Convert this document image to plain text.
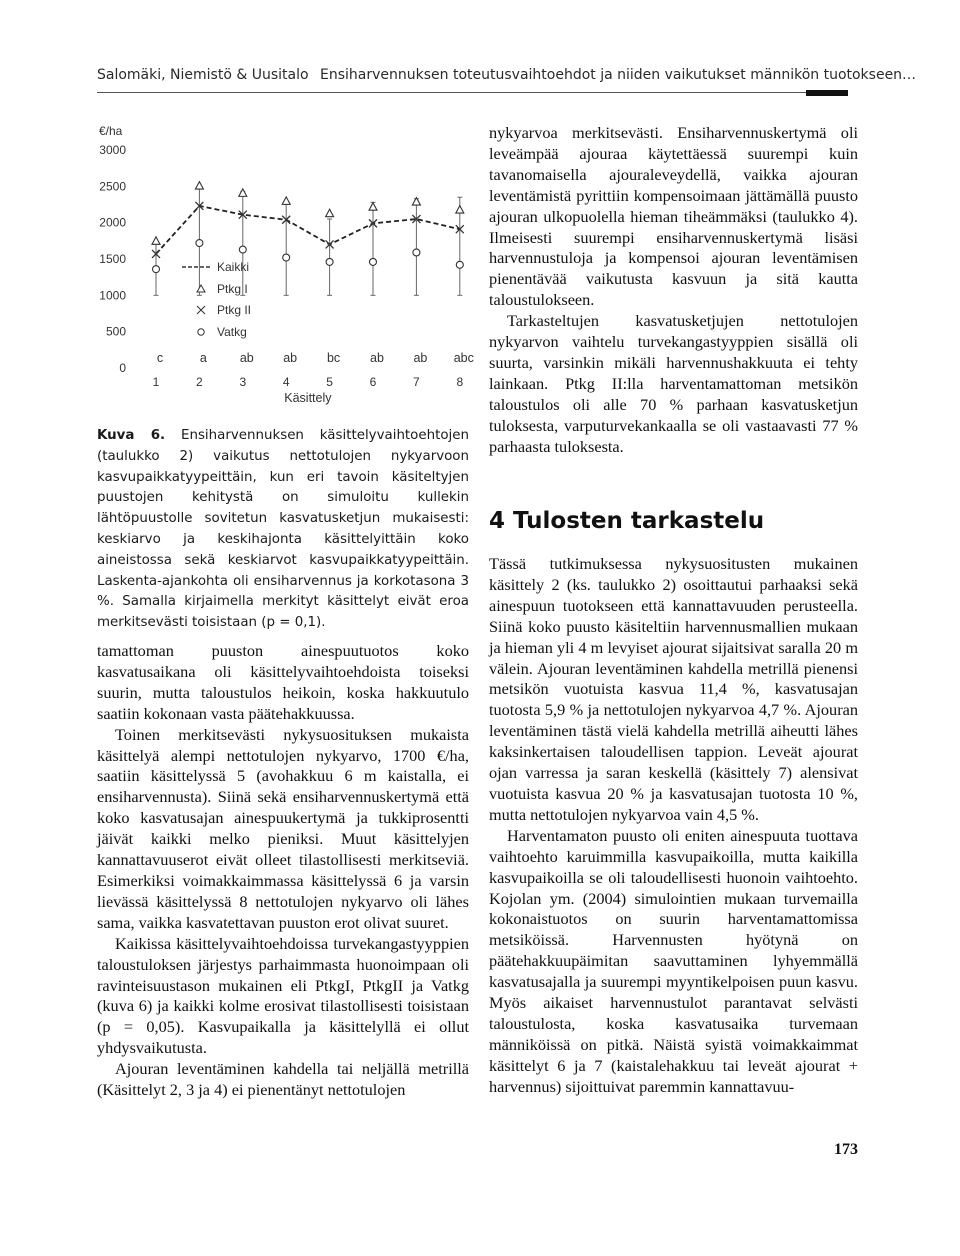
Salomäki, Niemistö & Uusitalo Ensiharvennuksen toteutusvaihtoehdot ja niiden vaikutukset männikön tuotokseen…
€/ha
0
500
1000
1500
2000
2500
3000
c	a	ab ab bc ab ab abc
1	2	3	4	5	6	7	8
Käsittely
Kaikki
Ptkg I
Ptkg II
Vatkg
Kuva 6. Ensiharvennuksen käsittelyvaihtoehtojen (taulukko 2) vaikutus nettotulojen nykyarvoon kasvupaikkatyypeittäin, kun eri tavoin käsiteltyjen puustojen kehitystä on simuloitu kullekin lähtöpuustolle sovitetun kasvatusketjun mukaisesti: keskiarvo ja keskihajonta käsittelyittäin koko aineistossa sekä keskiarvot kasvupaikkatyypeittäin. Laskenta-ajankohta oli ensiharvennus ja korkotasona 3 %. Samalla kirjaimella merkityt käsittelyt eivät eroa merkitsevästi toisistaan (p = 0,1).

tamattoman puuston ainespuutuotos koko kasvatusaikana oli käsittelyvaihtoehdoista toiseksi suurin, mutta taloustulos heikoin, koska hakkuutulo saatiin kokonaan vasta päätehakkuussa.

Toinen merkitsevästi nykysuosituksen mukaista käsittelyä alempi nettotulojen nykyarvo, 1700 €/ha, saatiin käsittelyssä 5 (avohakkuu 6 m kaistalla, ei ensiharvennusta). Siinä sekä ensiharvennuskertymä että koko kasvatusajan ainespuukertymä ja tukkiprosentti jäivät kaikki melko pieniksi. Muut käsittelyjen kannattavuuserot eivät olleet tilastollisesti merkitseviä. Esimerkiksi voimakkaimmassa käsittelyssä 6 ja varsin lievässä käsittelyssä 8 nettotulojen nykyarvo oli lähes sama, vaikka kasvatettavan puuston erot olivat suuret.

Kaikissa käsittelyvaihtoehdoissa turvekangastyyppien taloustuloksen järjestys parhaimmasta huonoimpaan oli ravinteisuustason mukainen eli PtkgI, PtkgII ja Vatkg (kuva 6) ja kaikki kolme erosivat tilastollisesti toisistaan (p = 0,05). Kasvupaikalla ja käsittelyllä ei ollut yhdysvaikutusta.

Ajouran leventäminen kahdella tai neljällä metrillä (Käsittelyt 2, 3 ja 4) ei pienentänyt nettotulojen

nykyarvoa merkitsevästi. Ensiharvennuskertymä oli leveämpää ajouraa käytettäessä suurempi kuin tavanomaisella ajouraleveydellä, vaikka ajouran leventämistä pyrittiin kompensoimaan jättämällä puusto ajouran ulkopuolella hieman tiheämmäksi (taulukko 4). Ilmeisesti suurempi ensiharvennuskertymä lisäsi harvennustuloja ja kompensoi ajouran leventämisen pienentävää vaikutusta kasvuun ja sitä kautta taloustulokseen.

Tarkasteltujen kasvatusketjujen nettotulojen nykyarvon vaihtelu turvekangastyyppien sisällä oli suurta, varsinkin mikäli harvennushakkuuta ei tehty lainkaan. Ptkg II:lla harventamattoman metsikön taloustulos oli alle 70 % parhaan kasvatusketjun tuloksesta, varputurvekankaalla se oli vastaavasti 77 % parhaasta tuloksesta.

4 Tulosten tarkastelu

Tässä tutkimuksessa nykysuositusten mukainen käsittely 2 (ks. taulukko 2) osoittautui parhaaksi sekä ainespuun tuotokseen että kannattavuuden perusteella. Siinä koko puusto käsiteltiin harvennusmallien mukaan ja hieman yli 4 m levyiset ajourat sijaitsivat saralla 20 m välein. Ajouran leventäminen kahdella metrillä pienensi metsikön vuotuista kasvua 11,4 %, kasvatusajan tuotosta 5,9 % ja nettotulojen nykyarvoa 4,7 %. Ajouran leventäminen tästä vielä kahdella metrillä aiheutti lähes kaksinkertaisen taloudellisen tappion. Leveät ajourat ojan varressa ja saran keskellä (käsittely 7) alensivat vuotuista kasvua 20 % ja kasvatusajan tuotosta 10 %, mutta nettotulojen nykyarvoa vain 4,5 %.

Harventamaton puusto oli eniten ainespuuta tuottava vaihtoehto karuimmilla kasvupaikoilla, mutta kaikilla kasvupaikoilla se oli taloudellisesti huonoin vaihtoehto. Kojolan ym. (2004) simulointien mukaan turvemailla kokonaistuotos on suurin harventamattomissa metsiköissä. Harvennusten hyötynä on päätehakkuupäimitan saavuttaminen lyhyemmällä kasvatusajalla ja suurempi myyntikelpoisen puun kasvu. Myös aikaiset harvennustulot parantavat selvästi taloustulosta, koska kasvatusaika turvemaan männiköissä on pitkä. Näistä syistä voimakkaimmat käsittelyt 6 ja 7 (kaistalehakkuu tai leveät ajourat + harvennus) sijoittuivat paremmin kannattavuu-

173
